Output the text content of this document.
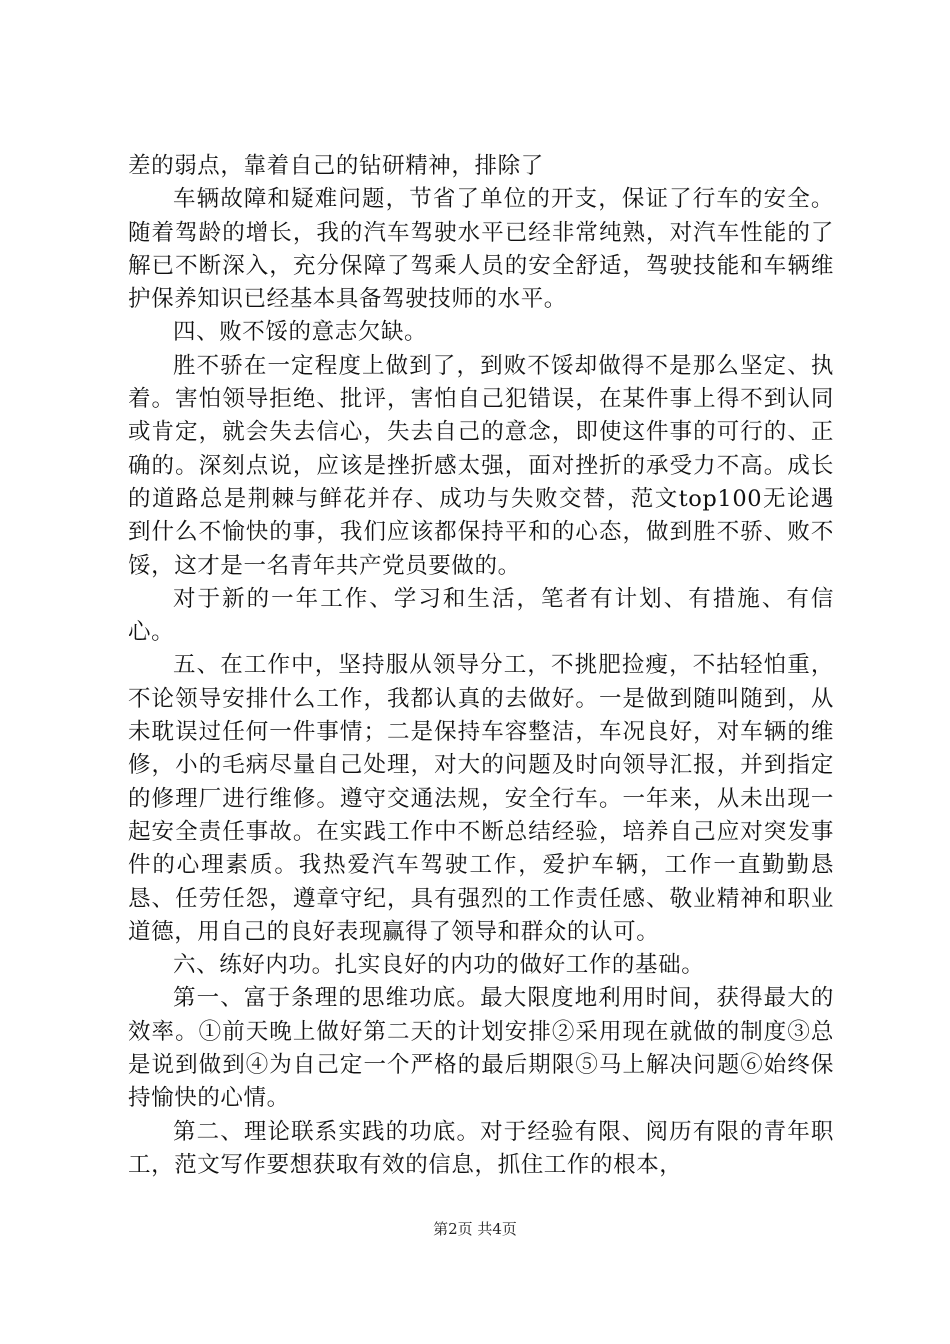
差的弱点，靠着自己的钻研精神，排除了

车辆故障和疑难问题，节省了单位的开支，保证了行车的安全。随着驾龄的增长，我的汽车驾驶水平已经非常纯熟，对汽车性能的了解已不断深入，充分保障了驾乘人员的安全舒适，驾驶技能和车辆维护保养知识已经基本具备驾驶技师的水平。

四、败不馁的意志欠缺。

胜不骄在一定程度上做到了，到败不馁却做得不是那么坚定、执着。害怕领导拒绝、批评，害怕自己犯错误，在某件事上得不到认同或肯定，就会失去信心，失去自己的意念，即使这件事的可行的、正确的。深刻点说，应该是挫折感太强，面对挫折的承受力不高。成长的道路总是荆棘与鲜花并存、成功与失败交替，范文top100无论遇到什么不愉快的事，我们应该都保持平和的心态，做到胜不骄、败不馁，这才是一名青年共产党员要做的。

对于新的一年工作、学习和生活，笔者有计划、有措施、有信心。

五、在工作中，坚持服从领导分工，不挑肥捡瘦，不拈轻怕重，不论领导安排什么工作，我都认真的去做好。一是做到随叫随到，从未耽误过任何一件事情；二是保持车容整洁，车况良好，对车辆的维修，小的毛病尽量自己处理，对大的问题及时向领导汇报，并到指定的修理厂进行维修。遵守交通法规，安全行车。一年来，从未出现一起安全责任事故。在实践工作中不断总结经验，培养自己应对突发事件的心理素质。我热爱汽车驾驶工作，爱护车辆，工作一直勤勤恳恳、任劳任怨，遵章守纪，具有强烈的工作责任感、敬业精神和职业道德，用自己的良好表现赢得了领导和群众的认可。

六、练好内功。扎实良好的内功的做好工作的基础。

第一、富于条理的思维功底。最大限度地利用时间，获得最大的效率。①前天晚上做好第二天的计划安排②采用现在就做的制度③总是说到做到④为自己定一个严格的最后期限⑤马上解决问题⑥始终保持愉快的心情。

第二、理论联系实践的功底。对于经验有限、阅历有限的青年职工，范文写作要想获取有效的信息，抓住工作的根本，

第2页 共4页
